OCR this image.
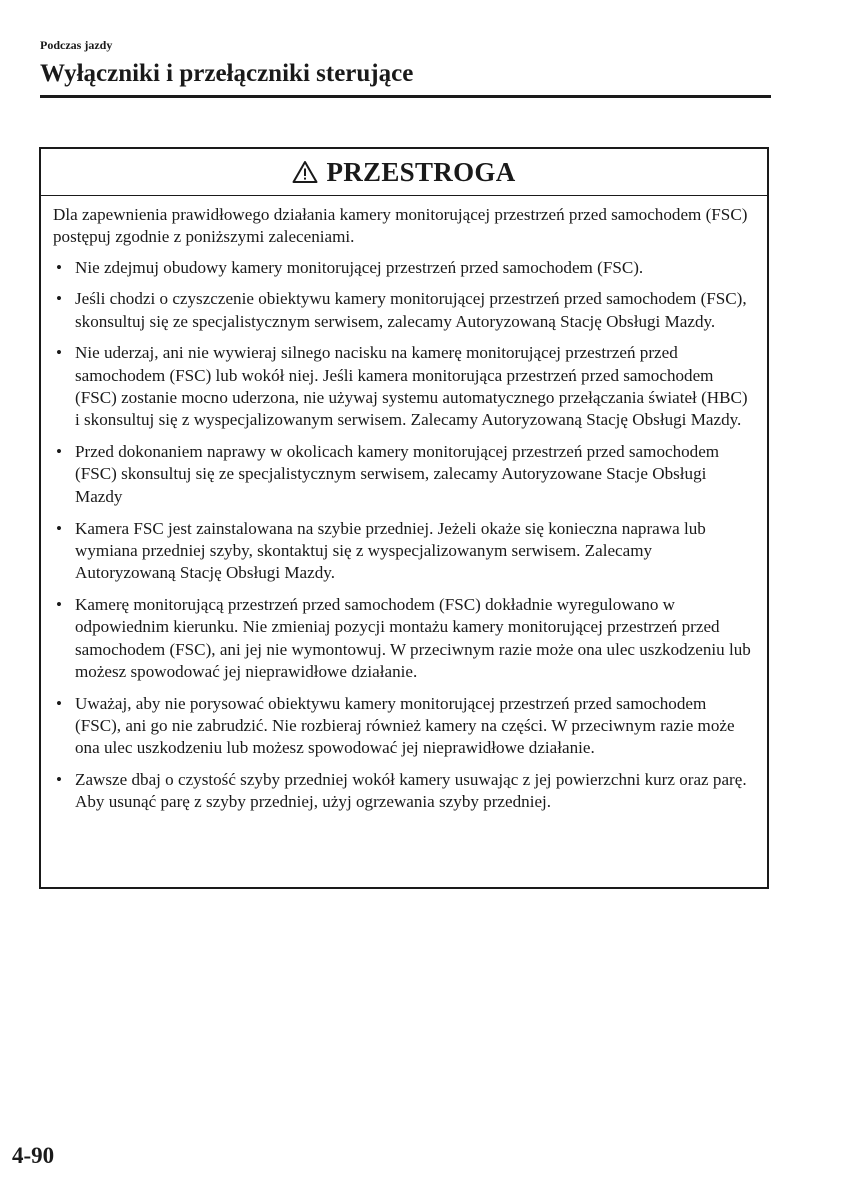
Podczas jazdy
Wyłączniki i przełączniki sterujące
PRZESTROGA

Dla zapewnienia prawidłowego działania kamery monitorującej przestrzeń przed samochodem (FSC) postępuj zgodnie z poniższymi zaleceniami.

• Nie zdejmuj obudowy kamery monitorującej przestrzeń przed samochodem (FSC).
• Jeśli chodzi o czyszczenie obiektywu kamery monitorującej przestrzeń przed samochodem (FSC), skonsultuj się ze specjalistycznym serwisem, zalecamy Autoryzowaną Stację Obsługi Mazdy.
• Nie uderzaj, ani nie wywieraj silnego nacisku na kamerę monitorującej przestrzeń przed samochodem (FSC) lub wokół niej. Jeśli kamera monitorująca przestrzeń przed samochodem (FSC) zostanie mocno uderzona, nie używaj systemu automatycznego przełączania świateł (HBC) i skonsultuj się z wyspecjalizowanym serwisem. Zalecamy Autoryzowaną Stację Obsługi Mazdy.
• Przed dokonaniem naprawy w okolicach kamery monitorującej przestrzeń przed samochodem (FSC) skonsultuj się ze specjalistycznym serwisem, zalecamy Autoryzowane Stacje Obsługi Mazdy
• Kamera FSC jest zainstalowana na szybie przedniej. Jeżeli okaże się konieczna naprawa lub wymiana przedniej szyby, skontaktuj się z wyspecjalizowanym serwisem. Zalecamy Autoryzowaną Stację Obsługi Mazdy.
• Kamerę monitorującą przestrzeń przed samochodem (FSC) dokładnie wyregulowano w odpowiednim kierunku. Nie zmieniaj pozycji montażu kamery monitorującej przestrzeń przed samochodem (FSC), ani jej nie wymontowuj. W przeciwnym razie może ona ulec uszkodzeniu lub możesz spowodować jej nieprawidłowe działanie.
• Uważaj, aby nie porysować obiektywu kamery monitorującej przestrzeń przed samochodem (FSC), ani go nie zabrudzić. Nie rozbieraj również kamery na części. W przeciwnym razie może ona ulec uszkodzeniu lub możesz spowodować jej nieprawidłowe działanie.
• Zawsze dbaj o czystość szyby przedniej wokół kamery usuwając z jej powierzchni kurz oraz parę. Aby usunąć parę z szyby przedniej, użyj ogrzewania szyby przedniej.
4-90
